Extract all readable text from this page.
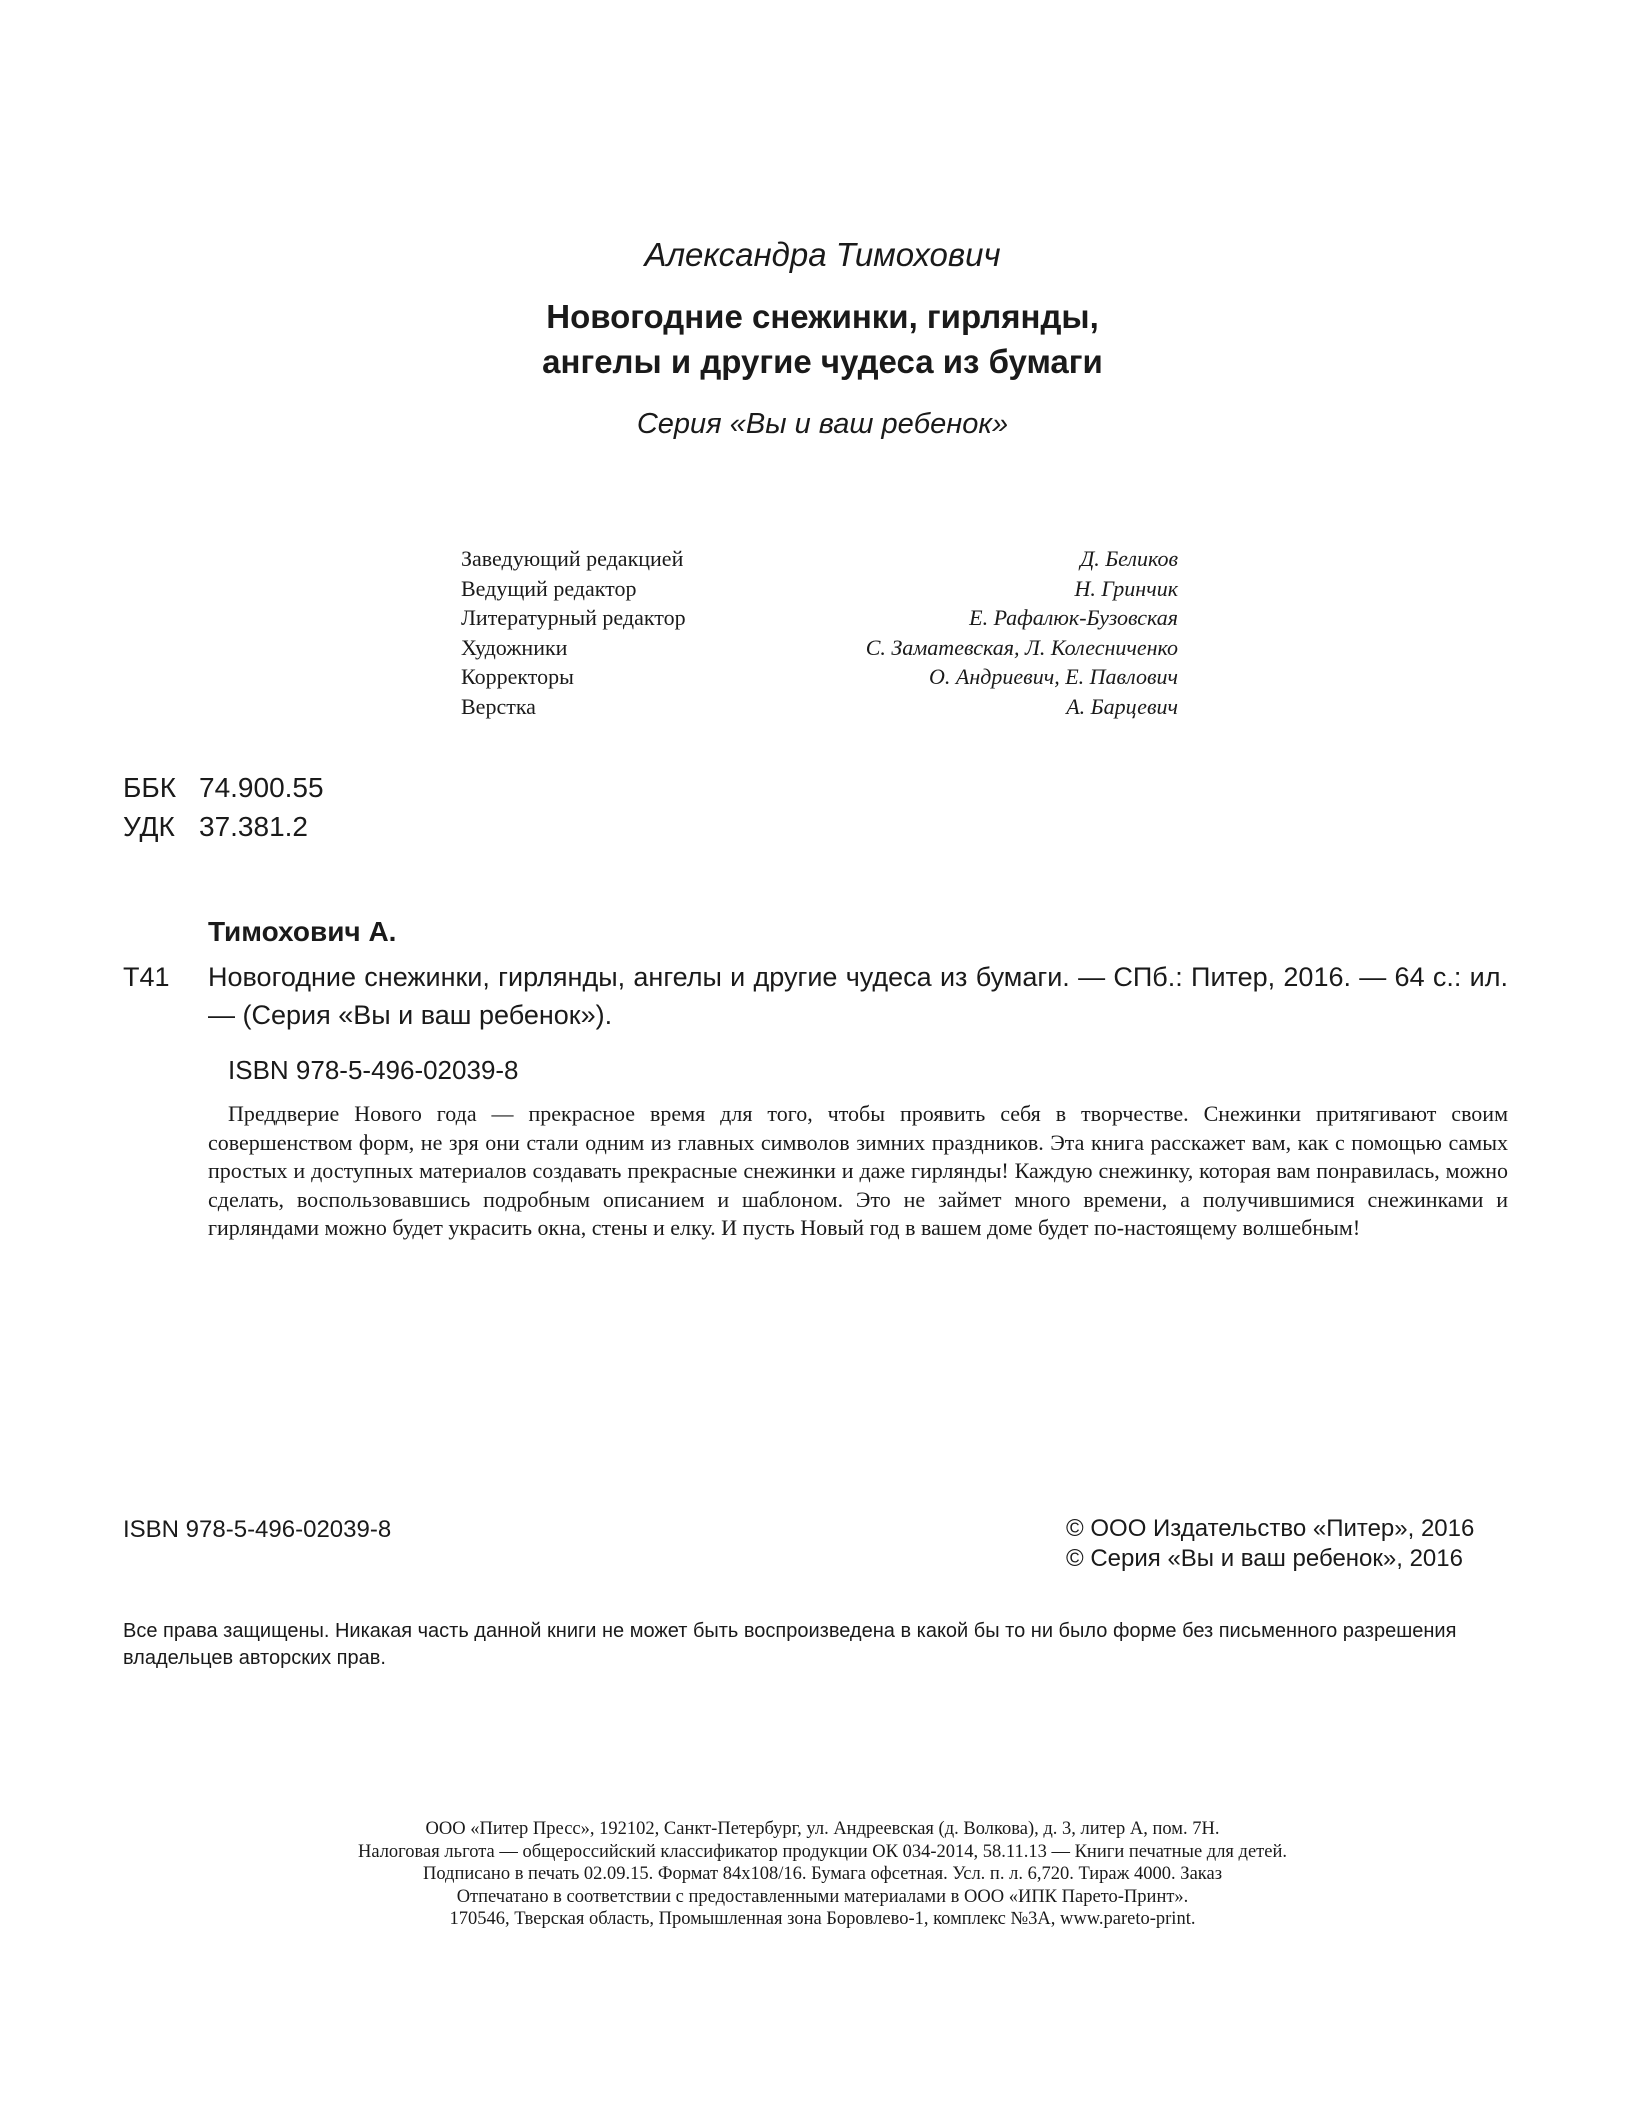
Александра Тимохович
Новогодние снежинки, гирлянды,
ангелы и другие чудеса из бумаги
Серия «Вы и ваш ребенок»
Заведующий редакцией	Д. Беликов
Ведущий редактор	Н. Гринчик
Литературный редактор	Е. Рафалюк-Бузовская
Художники	С. Заматевская, Л. Колесниченко
Корректоры	О. Андриевич, Е. Павлович
Верстка	А. Барцевич
ББК 74.900.55
УДК 37.381.2
Тимохович А.
Т41 Новогодние снежинки, гирлянды, ангелы и другие чудеса из бумаги. — СПб.: Питер, 2016. — 64 с.: ил. — (Серия «Вы и ваш ребенок»).
ISBN 978-5-496-02039-8
Преддверие Нового года — прекрасное время для того, чтобы проявить себя в творчестве. Снежинки притягивают своим совершенством форм, не зря они стали одним из главных символов зимних праздников. Эта книга расскажет вам, как с помощью самых простых и доступных материалов создавать прекрасные снежинки и даже гирлянды! Каждую снежинку, которая вам понравилась, можно сделать, воспользовавшись подробным описанием и шаблоном. Это не займет много времени, а получившимися снежинками и гирляндами можно будет украсить окна, стены и елку. И пусть Новый год в вашем доме будет по-настоящему волшебным!
ISBN 978-5-496-02039-8	© ООО Издательство «Питер», 2016
© Серия «Вы и ваш ребенок», 2016
Все права защищены. Никакая часть данной книги не может быть воспроизведена в какой бы то ни было форме без письменного разрешения владельцев авторских прав.
ООО «Питер Пресс», 192102, Санкт-Петербург, ул. Андреевская (д. Волкова), д. 3, литер А, пом. 7Н.
Налоговая льгота — общероссийский классификатор продукции ОК 034-2014, 58.11.13 — Книги печатные для детей.
Подписано в печать 02.09.15. Формат 84х108/16. Бумага офсетная. Усл. п. л. 6,720. Тираж 4000. Заказ
Отпечатано в соответствии с предоставленными материалами в ООО «ИПК Парето-Принт».
170546, Тверская область, Промышленная зона Боровлево-1, комплекс №3А, www.pareto-print.
